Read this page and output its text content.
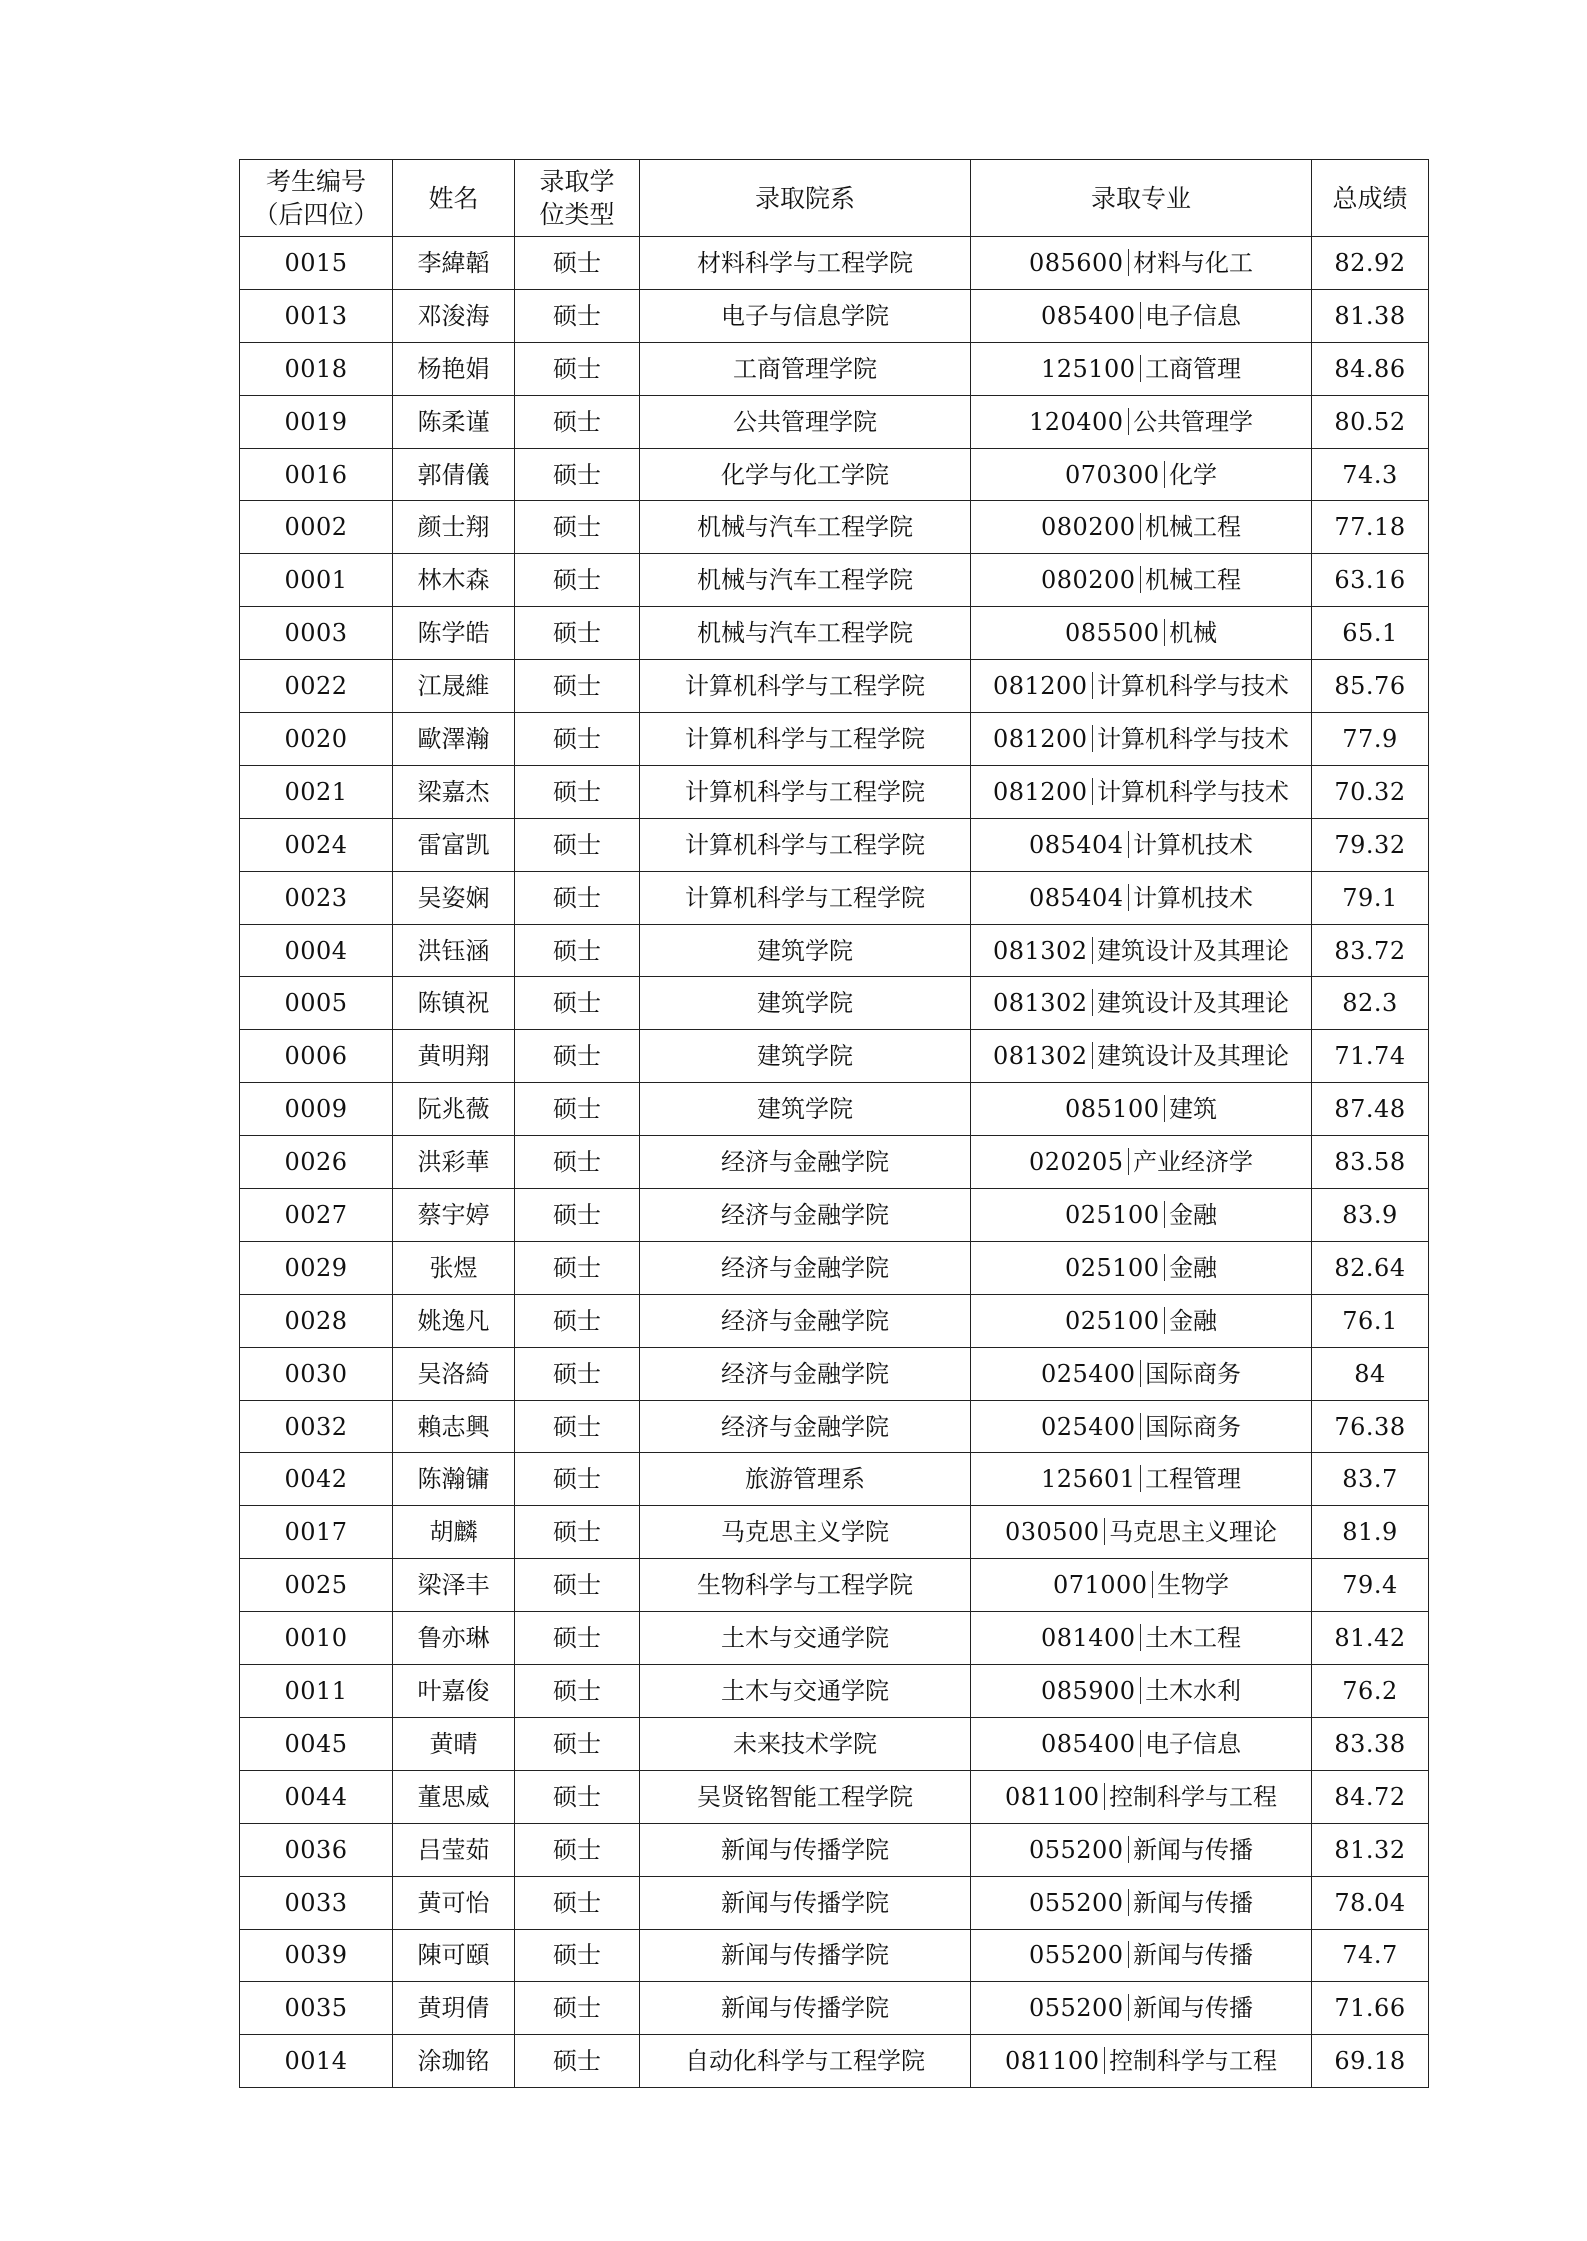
考生编号
（后四位）	姓名	录取学
位类型	录取院系	录取专业	总成绩
0015	李緯韜	硕士	材料科学与工程学院	085600 材料与化工	82.92
0013	邓浚海	硕士	电子与信息学院	085400 电子信息	81.38
0018	杨艳娟	硕士	工商管理学院	125100 工商管理	84.86
0019	陈柔谨	硕士	公共管理学院	120400 公共管理学	80.52
0016	郭倩儀	硕士	化学与化工学院	070300 化学	74.3
0002	颜士翔	硕士	机械与汽车工程学院	080200 机械工程	77.18
0001	林木森	硕士	机械与汽车工程学院	080200 机械工程	63.16
0003	陈学皓	硕士	机械与汽车工程学院	085500 机械	65.1
0022	江晟維	硕士	计算机科学与工程学院	081200 计算机科学与技术	85.76
0020	歐澤瀚	硕士	计算机科学与工程学院	081200 计算机科学与技术	77.9
0021	梁嘉杰	硕士	计算机科学与工程学院	081200 计算机科学与技术	70.32
0024	雷富凯	硕士	计算机科学与工程学院	085404 计算机技术	79.32
0023	吴姿娴	硕士	计算机科学与工程学院	085404 计算机技术	79.1
0004	洪钰涵	硕士	建筑学院	081302 建筑设计及其理论	83.72
0005	陈镇祝	硕士	建筑学院	081302 建筑设计及其理论	82.3
0006	黄明翔	硕士	建筑学院	081302 建筑设计及其理论	71.74
0009	阮兆薇	硕士	建筑学院	085100 建筑	87.48
0026	洪彩華	硕士	经济与金融学院	020205 产业经济学	83.58
0027	蔡宇婷	硕士	经济与金融学院	025100 金融	83.9
0029	张煜	硕士	经济与金融学院	025100 金融	82.64
0028	姚逸凡	硕士	经济与金融学院	025100 金融	76.1
0030	吴洛綺	硕士	经济与金融学院	025400 国际商务	84
0032	賴志興	硕士	经济与金融学院	025400 国际商务	76.38
0042	陈瀚镛	硕士	旅游管理系	125601 工程管理	83.7
0017	胡麟	硕士	马克思主义学院	030500 马克思主义理论	81.9
0025	梁泽丰	硕士	生物科学与工程学院	071000 生物学	79.4
0010	鲁亦琳	硕士	土木与交通学院	081400 土木工程	81.42
0011	叶嘉俊	硕士	土木与交通学院	085900 土木水利	76.2
0045	黄晴	硕士	未来技术学院	085400 电子信息	83.38
0044	董思威	硕士	吴贤铭智能工程学院	081100 控制科学与工程	84.72
0036	吕莹茹	硕士	新闻与传播学院	055200 新闻与传播	81.32
0033	黄可怡	硕士	新闻与传播学院	055200 新闻与传播	78.04
0039	陳可頤	硕士	新闻与传播学院	055200 新闻与传播	74.7
0035	黄玥倩	硕士	新闻与传播学院	055200 新闻与传播	71.66
0014	涂珈铭	硕士	自动化科学与工程学院	081100 控制科学与工程	69.18
